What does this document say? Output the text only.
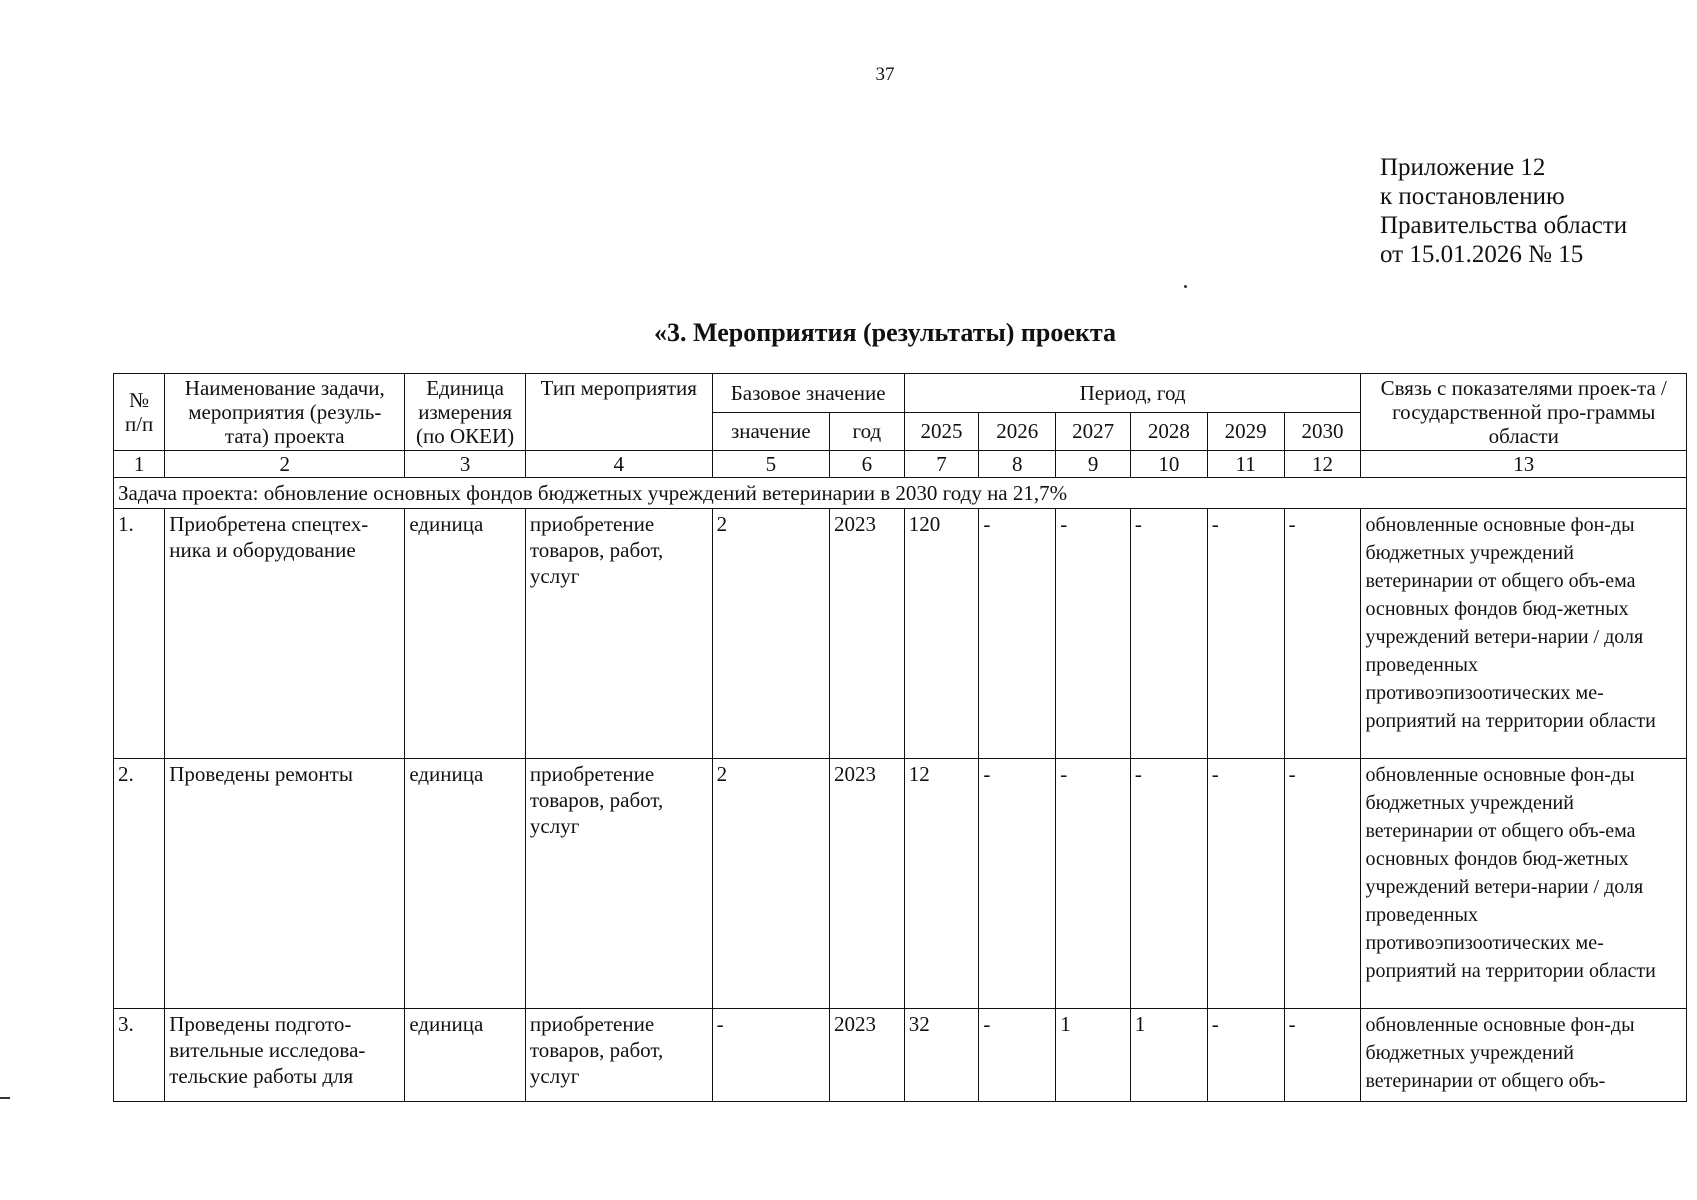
37
Приложение 12
к постановлению
Правительства области
от 15.01.2026 № 15
«3. Мероприятия (результаты) проекта
№ п/п	Наименование задачи, мероприятия (резуль-тата) проекта	Единица измерения (по ОКЕИ)	Тип мероприятия	Базовое значение		Период, год						Связь с показателями проек-та / государственной про-граммы области
				значение	год	2025	2026	2027	2028	2029	2030	
1	2	3	4	5	6	7	8	9	10	11	12	13
Задача проекта: обновление основных фондов бюджетных учреждений ветеринарии в 2030 году на 21,7%												
1.	Приобретена спецтех-ника и оборудование	единица	приобретение товаров, работ, услуг	2	2023	120	-	-	-	-	-	обновленные основные фон-ды бюджетных учреждений ветеринарии от общего объ-ема основных фондов бюд-жетных учреждений ветери-нарии / доля проведенных противоэпизоотических ме-роприятий на территории области
2.	Проведены ремонты	единица	приобретение товаров, работ, услуг	2	2023	12	-	-	-	-	-	обновленные основные фон-ды бюджетных учреждений ветеринарии от общего объ-ема основных фондов бюд-жетных учреждений ветери-нарии / доля проведенных противоэпизоотических ме-роприятий на территории области
3.	Проведены подгото-вительные исследова-тельские работы для	единица	приобретение товаров, работ, услуг	-	2023	32	-	1	1	-	-	обновленные основные фон-ды бюджетных учреждений ветеринарии от общего объ-
